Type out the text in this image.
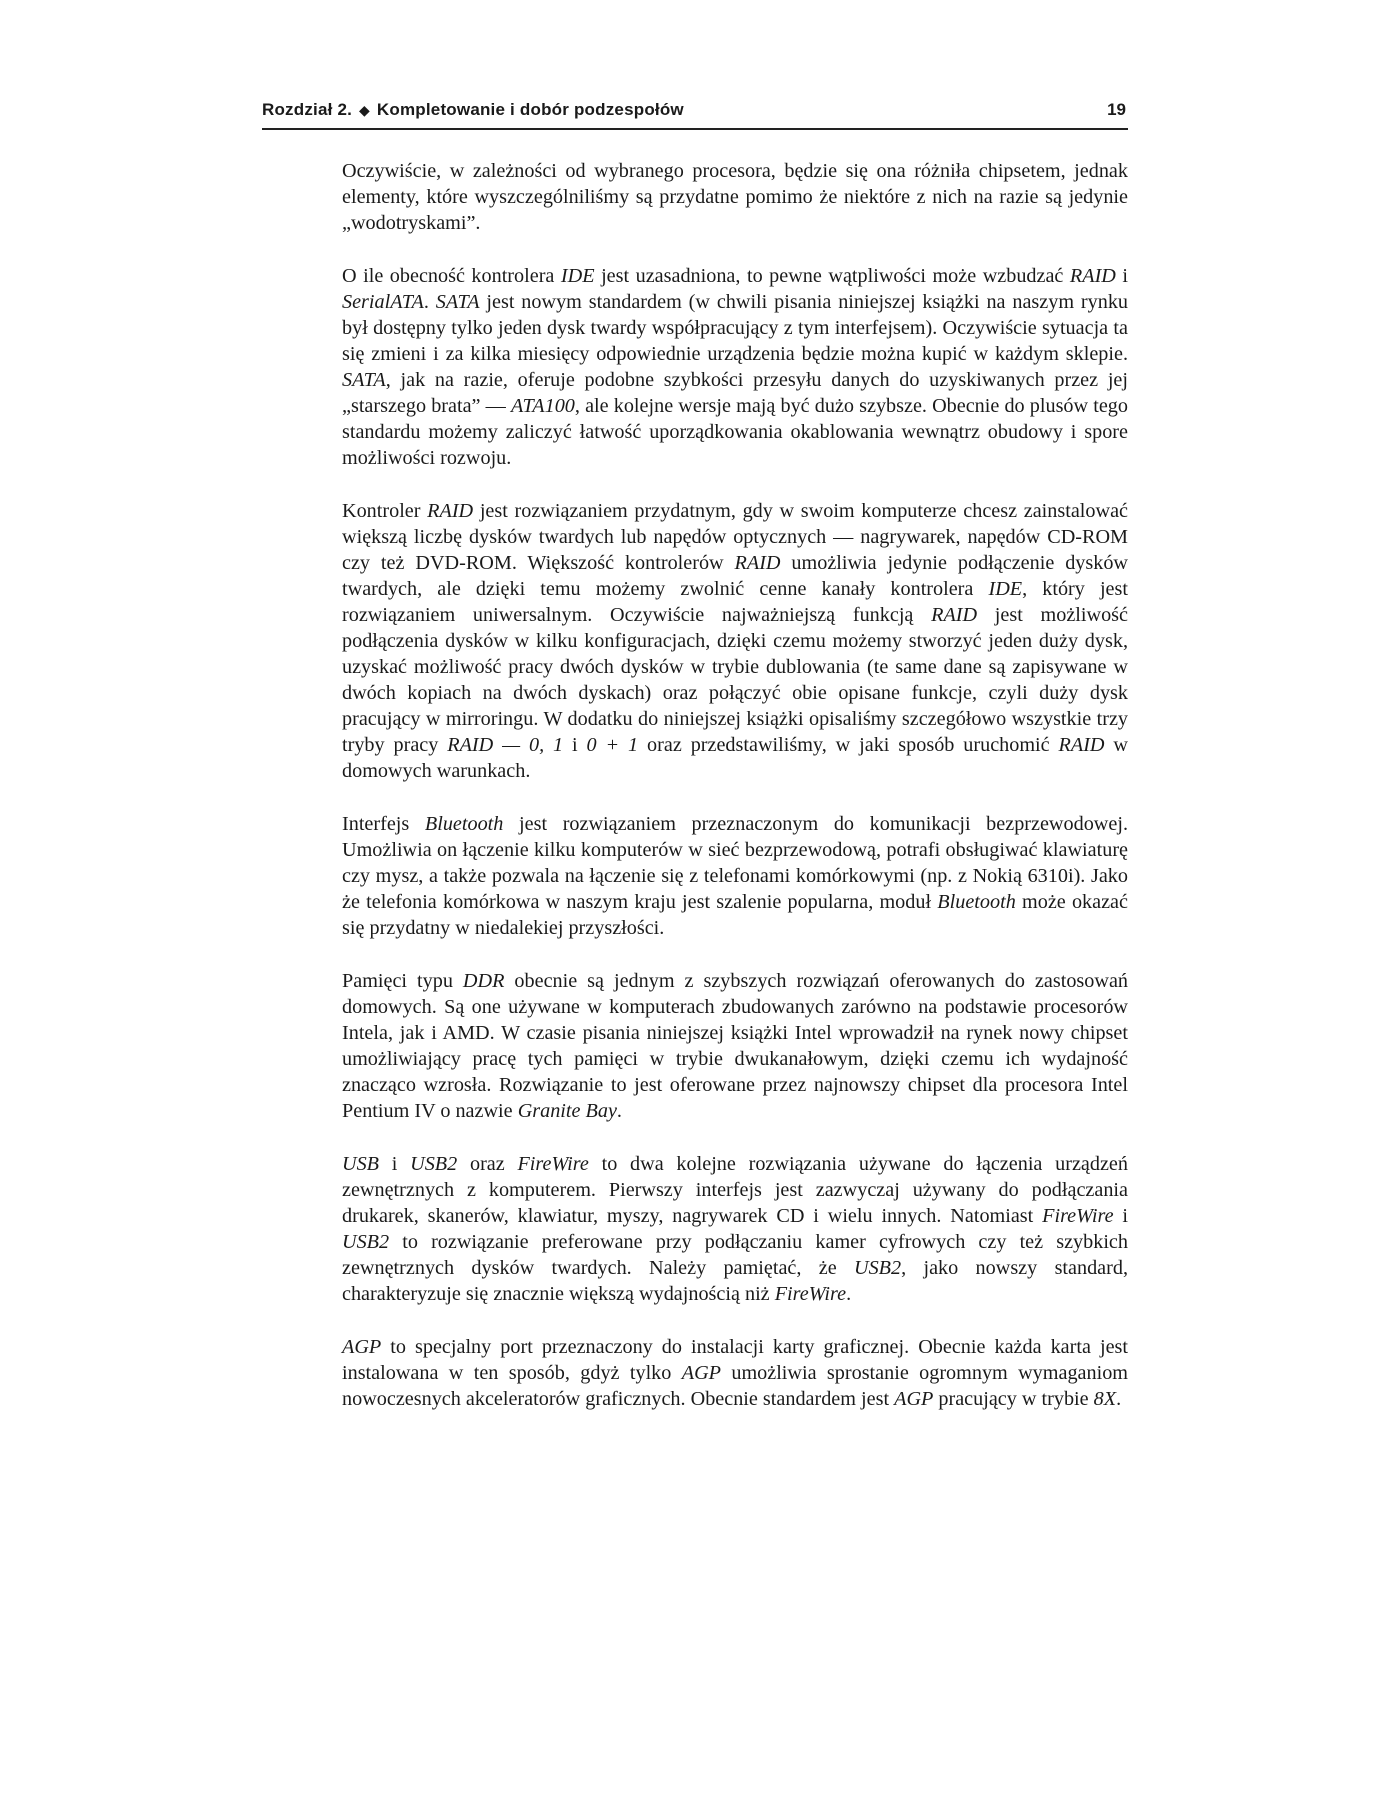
Rozdział 2. ◆ Kompletowanie i dobór podzespołów	19

Oczywiście, w zależności od wybranego procesora, będzie się ona różniła chipsetem, jednak elementy, które wyszczególniliśmy są przydatne pomimo że niektóre z nich na razie są jedynie „wodotryskami”.

O ile obecność kontrolera IDE jest uzasadniona, to pewne wątpliwości może wzbudzać RAID i SerialATA. SATA jest nowym standardem (w chwili pisania niniejszej książki na naszym rynku był dostępny tylko jeden dysk twardy współpracujący z tym interfejsem). Oczywiście sytuacja ta się zmieni i za kilka miesięcy odpowiednie urządzenia będzie można kupić w każdym sklepie. SATA, jak na razie, oferuje podobne szybkości przesyłu danych do uzyskiwanych przez jej „starszego brata” — ATA100, ale kolejne wersje mają być dużo szybsze. Obecnie do plusów tego standardu możemy zaliczyć łatwość uporządkowania okablowania wewnątrz obudowy i spore możliwości rozwoju.

Kontroler RAID jest rozwiązaniem przydatnym, gdy w swoim komputerze chcesz zainstalować większą liczbę dysków twardych lub napędów optycznych — nagrywarek, napędów CD-ROM czy też DVD-ROM. Większość kontrolerów RAID umożliwia jedynie podłączenie dysków twardych, ale dzięki temu możemy zwolnić cenne kanały kontrolera IDE, który jest rozwiązaniem uniwersalnym. Oczywiście najważniejszą funkcją RAID jest możliwość podłączenia dysków w kilku konfiguracjach, dzięki czemu możemy stworzyć jeden duży dysk, uzyskać możliwość pracy dwóch dysków w trybie dublowania (te same dane są zapisywane w dwóch kopiach na dwóch dyskach) oraz połączyć obie opisane funkcje, czyli duży dysk pracujący w mirroringu. W dodatku do niniejszej książki opisaliśmy szczegółowo wszystkie trzy tryby pracy RAID — 0, 1 i 0 + 1 oraz przedstawiliśmy, w jaki sposób uruchomić RAID w domowych warunkach.

Interfejs Bluetooth jest rozwiązaniem przeznaczonym do komunikacji bezprzewodowej. Umożliwia on łączenie kilku komputerów w sieć bezprzewodową, potrafi obsługiwać klawiaturę czy mysz, a także pozwala na łączenie się z telefonami komórkowymi (np. z Nokią 6310i). Jako że telefonia komórkowa w naszym kraju jest szalenie popularna, moduł Bluetooth może okazać się przydatny w niedalekiej przyszłości.

Pamięci typu DDR obecnie są jednym z szybszych rozwiązań oferowanych do zastosowań domowych. Są one używane w komputerach zbudowanych zarówno na podstawie procesorów Intela, jak i AMD. W czasie pisania niniejszej książki Intel wprowadził na rynek nowy chipset umożliwiający pracę tych pamięci w trybie dwukanałowym, dzięki czemu ich wydajność znacząco wzrosła. Rozwiązanie to jest oferowane przez najnowszy chipset dla procesora Intel Pentium IV o nazwie Granite Bay.

USB i USB2 oraz FireWire to dwa kolejne rozwiązania używane do łączenia urządzeń zewnętrznych z komputerem. Pierwszy interfejs jest zazwyczaj używany do podłączania drukarek, skanerów, klawiatur, myszy, nagrywarek CD i wielu innych. Natomiast FireWire i USB2 to rozwiązanie preferowane przy podłączaniu kamer cyfrowych czy też szybkich zewnętrznych dysków twardych. Należy pamiętać, że USB2, jako nowszy standard, charakteryzuje się znacznie większą wydajnością niż FireWire.

AGP to specjalny port przeznaczony do instalacji karty graficznej. Obecnie każda karta jest instalowana w ten sposób, gdyż tylko AGP umożliwia sprostanie ogromnym wymaganiom nowoczesnych akceleratorów graficznych. Obecnie standardem jest AGP pracujący w trybie 8X.
